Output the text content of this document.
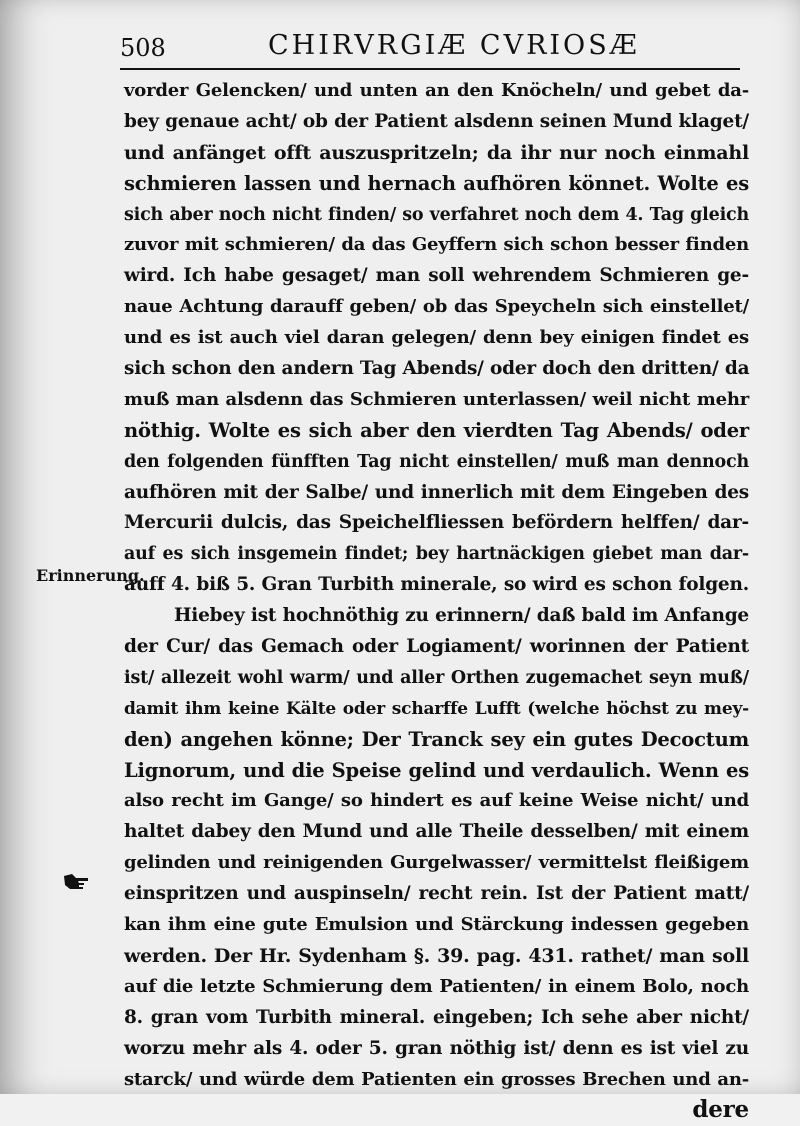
508	CHIRVRGIÆ CVRIOSÆ
Erinnerung.
vorder Gelencken/ und unten an den Knöcheln/ und gebet da-
bey genaue acht/ ob der Patient alsdenn seinen Mund klaget/
und anfänget offt auszuspritzeln; da ihr nur noch einmahl
schmieren lassen und hernach aufhören könnet. Wolte es
sich aber noch nicht finden/ so verfahret noch dem 4. Tag gleich
zuvor mit schmieren/ da das Geyffern sich schon besser finden
wird. Ich habe gesaget/ man soll wehrendem Schmieren ge-
naue Achtung darauff geben/ ob das Speycheln sich einstellet/
und es ist auch viel daran gelegen/ denn bey einigen findet es
sich schon den andern Tag Abends/ oder doch den dritten/ da
muß man alsdenn das Schmieren unterlassen/ weil nicht mehr
nöthig. Wolte es sich aber den vierdten Tag Abends/ oder
den folgenden fünfften Tag nicht einstellen/ muß man dennoch
aufhören mit der Salbe/ und innerlich mit dem Eingeben des
Mercurii dulcis, das Speichelfliessen befördern helffen/ dar-
auf es sich insgemein findet; bey hartnäckigen giebet man dar-
auff 4. biß 5. Gran Turbith minerale, so wird es schon folgen.
Hiebey ist hochnöthig zu erinnern/ daß bald im Anfange
der Cur/ das Gemach oder Logiament/ worinnen der Patient
ist/ allezeit wohl warm/ und aller Orthen zugemachet seyn muß/
damit ihm keine Kälte oder scharffe Lufft (welche höchst zu mey-
den) angehen könne; Der Tranck sey ein gutes Decoctum
Lignorum, und die Speise gelind und verdaulich. Wenn es
also recht im Gange/ so hindert es auf keine Weise nicht/ und
haltet dabey den Mund und alle Theile desselben/ mit einem
gelinden und reinigenden Gurgelwasser/ vermittelst fleißigem
einspritzen und auspinseln/ recht rein. Ist der Patient matt/
kan ihm eine gute Emulsion und Stärckung indessen gegeben
werden. Der Hr. Sydenham §. 39. pag. 431. rathet/ man soll
auf die letzte Schmierung dem Patienten/ in einem Bolo, noch
8. gran vom Turbith mineral. eingeben; Ich sehe aber nicht/
worzu mehr als 4. oder 5. gran nöthig ist/ denn es ist viel zu
starck/ und würde dem Patienten ein grosses Brechen und an-
dere
